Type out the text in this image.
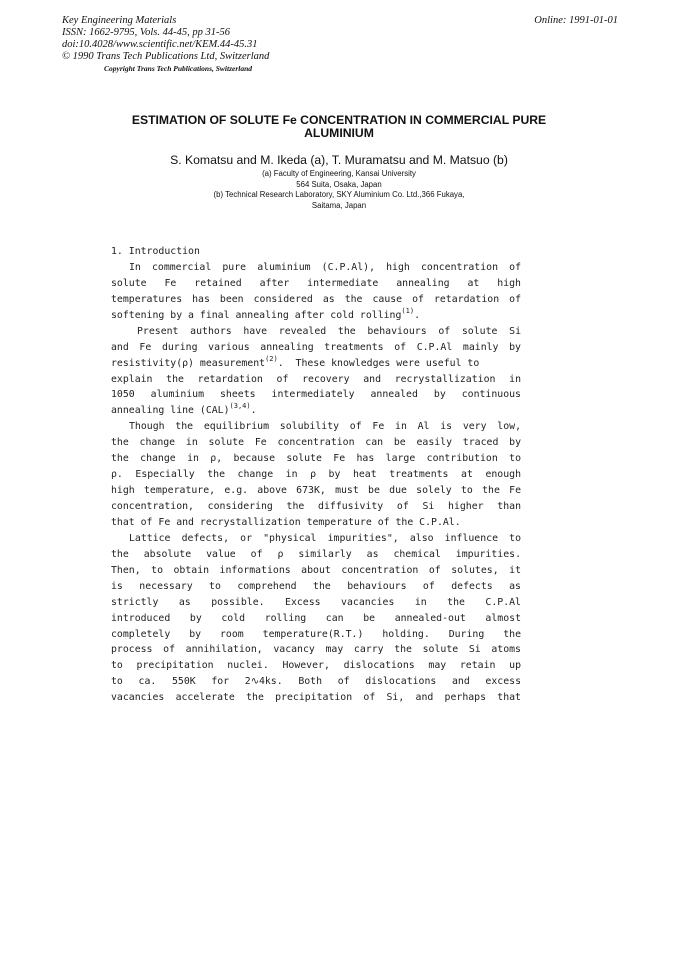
Key Engineering Materials
ISSN: 1662-9795, Vols. 44-45, pp 31-56
doi:10.4028/www.scientific.net/KEM.44-45.31
© 1990 Trans Tech Publications Ltd, Switzerland
Copyright Trans Tech Publications, Switzerland
Online: 1991-01-01
ESTIMATION OF SOLUTE Fe CONCENTRATION IN COMMERCIAL PURE
ALUMINIUM
S. Komatsu and M. Ikeda (a), T. Muramatsu and M. Matsuo (b)
(a) Faculty of Engineering, Kansai University
564 Suita, Osaka, Japan
(b) Technical Research Laboratory, SKY Aluminium Co. Ltd.,366 Fukaya,
Saitama, Japan
1. Introduction
In commercial pure aluminium (C.P.Al), high concentration of
solute Fe retained after intermediate annealing at high
temperatures has been considered as the cause of retardation of
softening by a final annealing after cold rolling$^{(1)}$.
Present authors have revealed the behaviours of solute Si
and Fe during various annealing treatments of C.P.Al mainly by
resistivity(ρ) measurement$^{(2)}$.  These knowledges were useful to
explain the retardation of recovery and recrystallization in
1050 aluminium sheets intermediately annealed by continuous
annealing line (CAL)$^{(3,4)}$.
Though the equilibrium solubility of Fe in Al is very low,
the change in solute Fe concentration can be easily traced by
the change in ρ, because solute Fe has large contribution to
ρ. Especially the change in ρ by heat treatments at enough
high temperature, e.g. above 673K, must be due solely to the Fe
concentration, considering the diffusivity of Si higher than
that of Fe and recrystallization temperature of the C.P.Al.
Lattice defects, or "physical impurities", also influence to
the absolute value of ρ similarly as chemical impurities.
Then, to obtain informations about concentration of solutes, it
is necessary to comprehend the behaviours of defects as
strictly as possible. Excess vacancies in the C.P.Al
introduced by cold rolling can be annealed-out almost
completely by room temperature(R.T.) holding. During the
process of annihilation, vacancy may carry the solute Si atoms
to precipitation nuclei. However, dislocations may retain up
to ca. 550K for 2∿4ks. Both of dislocations and excess
vacancies accelerate the precipitation of Si, and perhaps that
